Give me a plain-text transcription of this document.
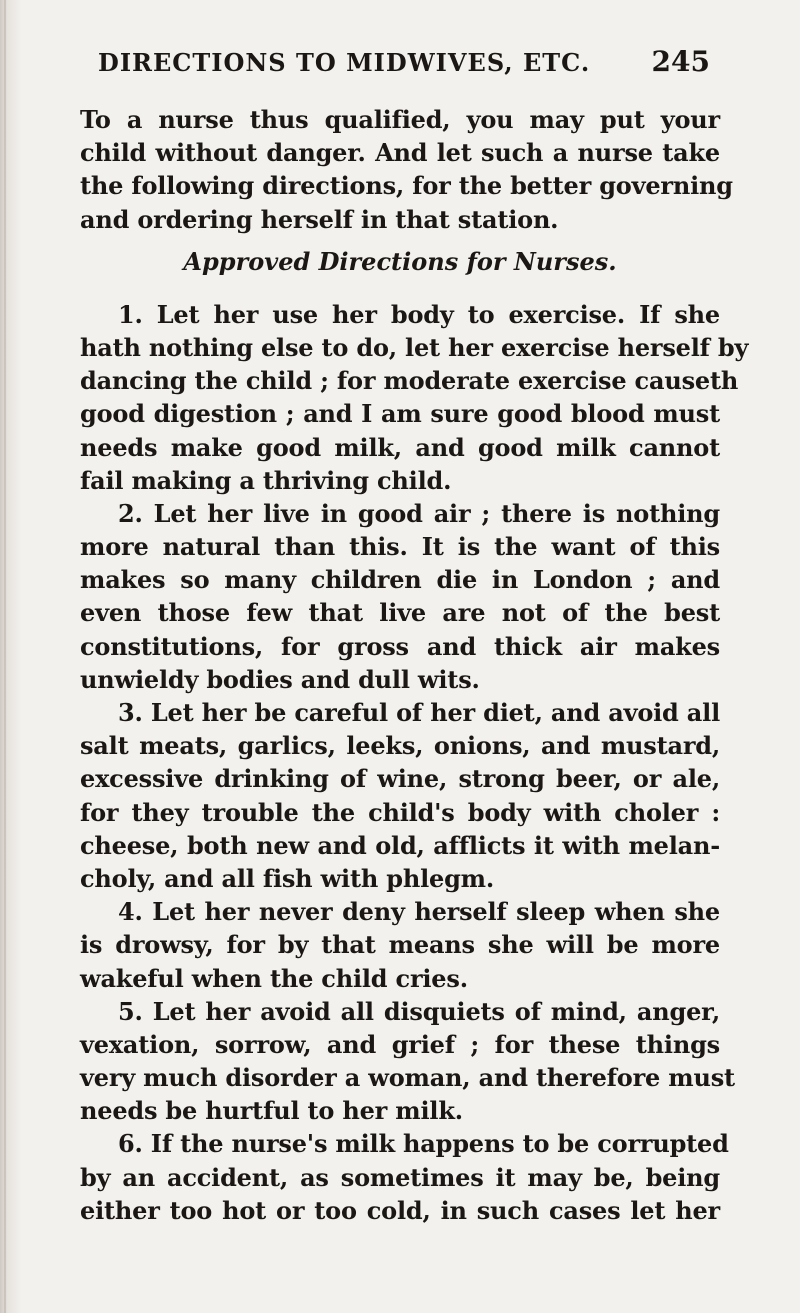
DIRECTIONS TO MIDWIVES, ETC. 245
To a nurse thus qualified, you may put your
child without danger. And let such a nurse take
the following directions, for the better governing
and ordering herself in that station.
Approved Directions for Nurses.
1. Let her use her body to exercise. If she
hath nothing else to do, let her exercise herself by
dancing the child ; for moderate exercise causeth
good digestion ; and I am sure good blood must
needs make good milk, and good milk cannot
fail making a thriving child.
2. Let her live in good air ; there is nothing
more natural than this. It is the want of this
makes so many children die in London ; and
even those few that live are not of the best
constitutions, for gross and thick air makes
unwieldy bodies and dull wits.
3. Let her be careful of her diet, and avoid all
salt meats, garlics, leeks, onions, and mustard,
excessive drinking of wine, strong beer, or ale,
for they trouble the child's body with choler :
cheese, both new and old, afflicts it with melan-
choly, and all fish with phlegm.
4. Let her never deny herself sleep when she
is drowsy, for by that means she will be more
wakeful when the child cries.
5. Let her avoid all disquiets of mind, anger,
vexation, sorrow, and grief ; for these things
very much disorder a woman, and therefore must
needs be hurtful to her milk.
6. If the nurse's milk happens to be corrupted
by an accident, as sometimes it may be, being
either too hot or too cold, in such cases let her
